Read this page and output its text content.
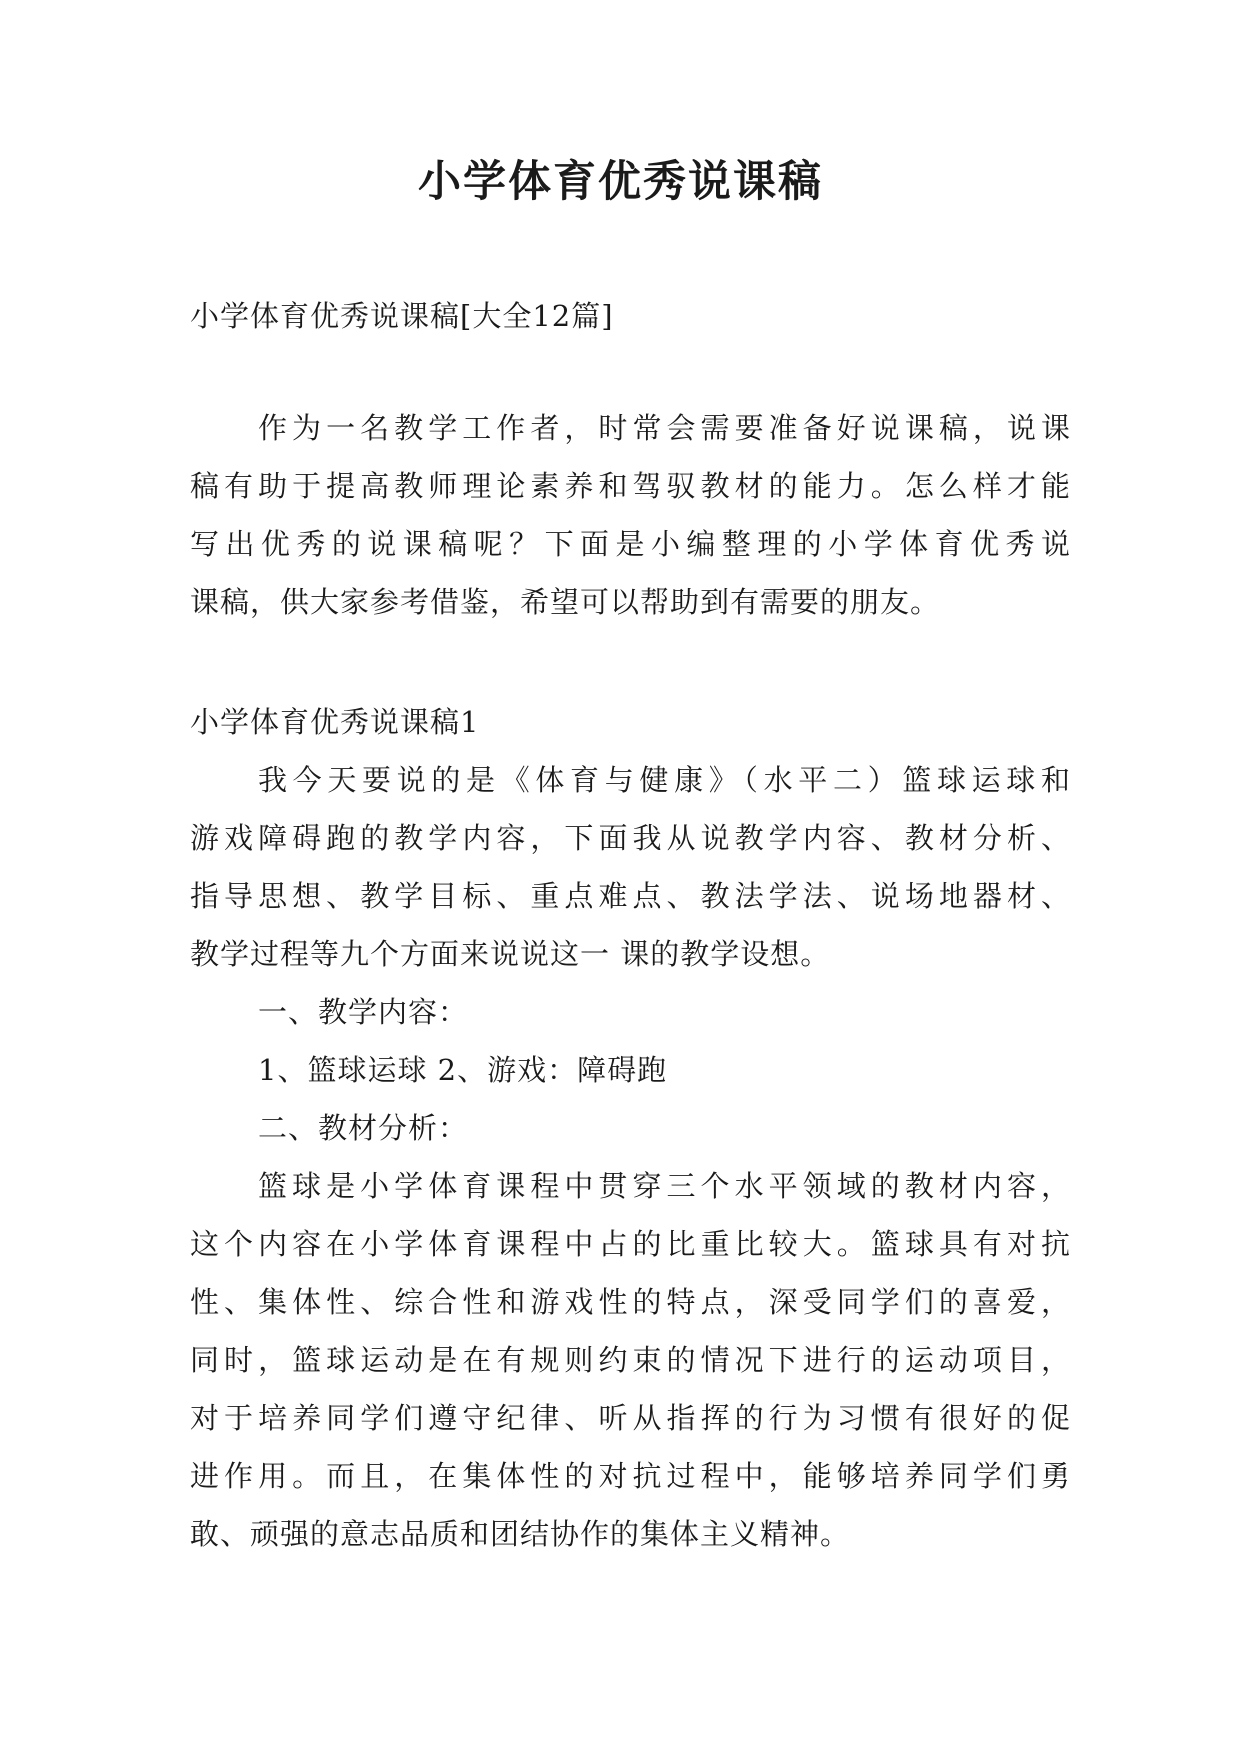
小学体育优秀说课稿
小学体育优秀说课稿[大全12篇]
作为一名教学工作者，时常会需要准备好说课稿，说课
稿有助于提高教师理论素养和驾驭教材的能力。怎么样才能
写出优秀的说课稿呢？下面是小编整理的小学体育优秀说
课稿，供大家参考借鉴，希望可以帮助到有需要的朋友。
小学体育优秀说课稿1
我今天要说的是《体育与健康》（水平二）篮球运球和
游戏障碍跑的教学内容，下面我从说教学内容、教材分析、
指导思想、教学目标、重点难点、教法学法、说场地器材、
教学过程等九个方面来说说这一 课的教学设想。
一、教学内容：
1、篮球运球 2、游戏：障碍跑
二、教材分析：
篮球是小学体育课程中贯穿三个水平领域的教材内容，
这个内容在小学体育课程中占的比重比较大。篮球具有对抗
性、集体性、综合性和游戏性的特点，深受同学们的喜爱，
同时，篮球运动是在有规则约束的情况下进行的运动项目，
对于培养同学们遵守纪律、听从指挥的行为习惯有很好的促
进作用。而且，在集体性的对抗过程中，能够培养同学们勇
敢、顽强的意志品质和团结协作的集体主义精神。
